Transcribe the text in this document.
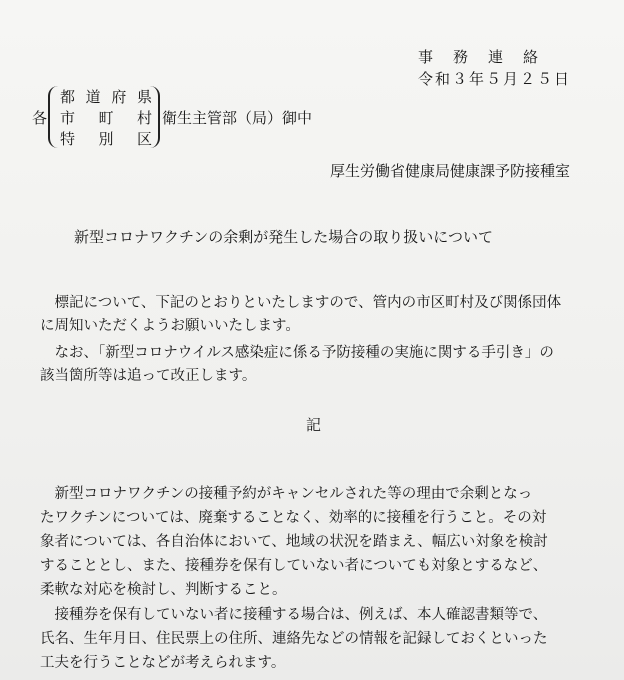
事務連絡
令和３年５月２５日
各
都 道 府 県
市 町 村
特 別 区
衛生主管部（局）御中
厚生労働省健康局健康課予防接種室
新型コロナワクチンの余剰が発生した場合の取り扱いについて
　標記について、下記のとおりといたしますので、管内の市区町村及び関係団体
に周知いただくようお願いいたします。
　なお、「新型コロナウイルス感染症に係る予防接種の実施に関する手引き」の
該当箇所等は追って改正します。
記
　新型コロナワクチンの接種予約がキャンセルされた等の理由で余剰となっ
たワクチンについては、廃棄することなく、効率的に接種を行うこと。その対
象者については、各自治体において、地域の状況を踏まえ、幅広い対象を検討
することとし、また、接種券を保有していない者についても対象とするなど、
柔軟な対応を検討し、判断すること。
　接種券を保有していない者に接種する場合は、例えば、本人確認書類等で、
氏名、生年月日、住民票上の住所、連絡先などの情報を記録しておくといった
工夫を行うことなどが考えられます。
